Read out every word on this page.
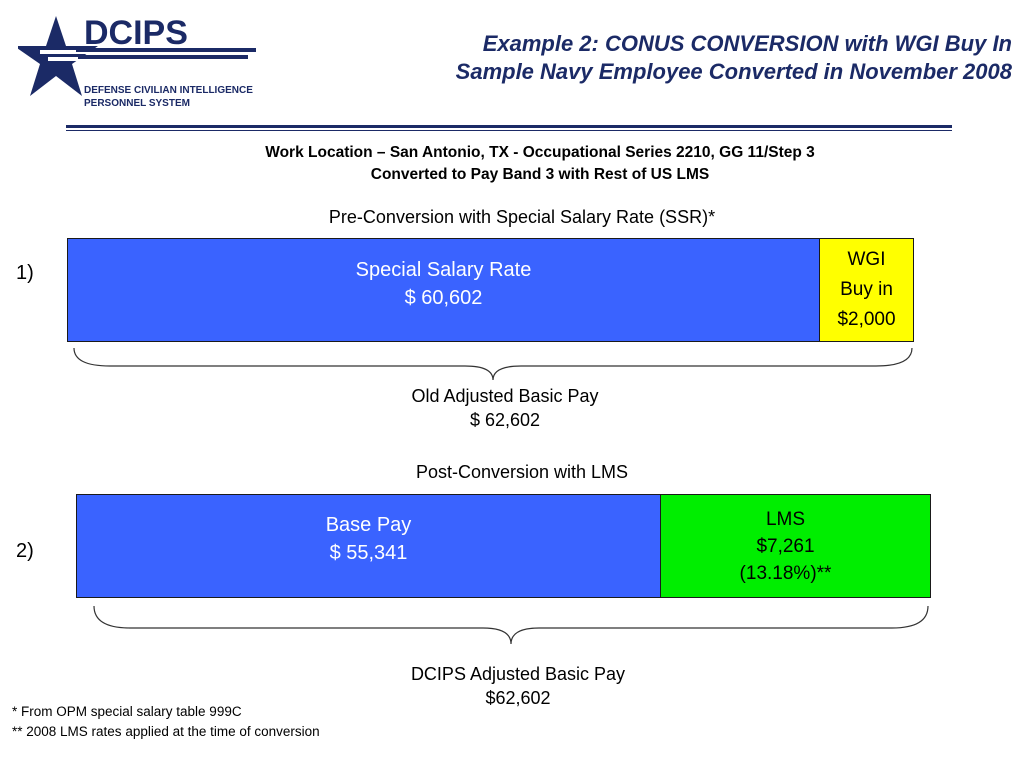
DCIPS
DEFENSE CIVILIAN INTELLIGENCE
PERSONNEL SYSTEM
Example 2: CONUS CONVERSION with WGI Buy In
Sample Navy Employee Converted in November 2008
Work Location – San Antonio, TX - Occupational Series 2210, GG 11/Step 3
Converted to Pay Band 3 with Rest of US LMS
Pre-Conversion with Special Salary Rate (SSR)*
1)	Special Salary Rate
$ 60,602
WGI
Buy in
$2,000
Old Adjusted Basic Pay
$ 62,602
Post-Conversion with LMS
2)
Base Pay
$ 55,341
LMS
$7,261
(13.18%)**
DCIPS Adjusted Basic Pay
$62,602
* From OPM special salary table 999C
** 2008 LMS rates applied at the time of conversion
